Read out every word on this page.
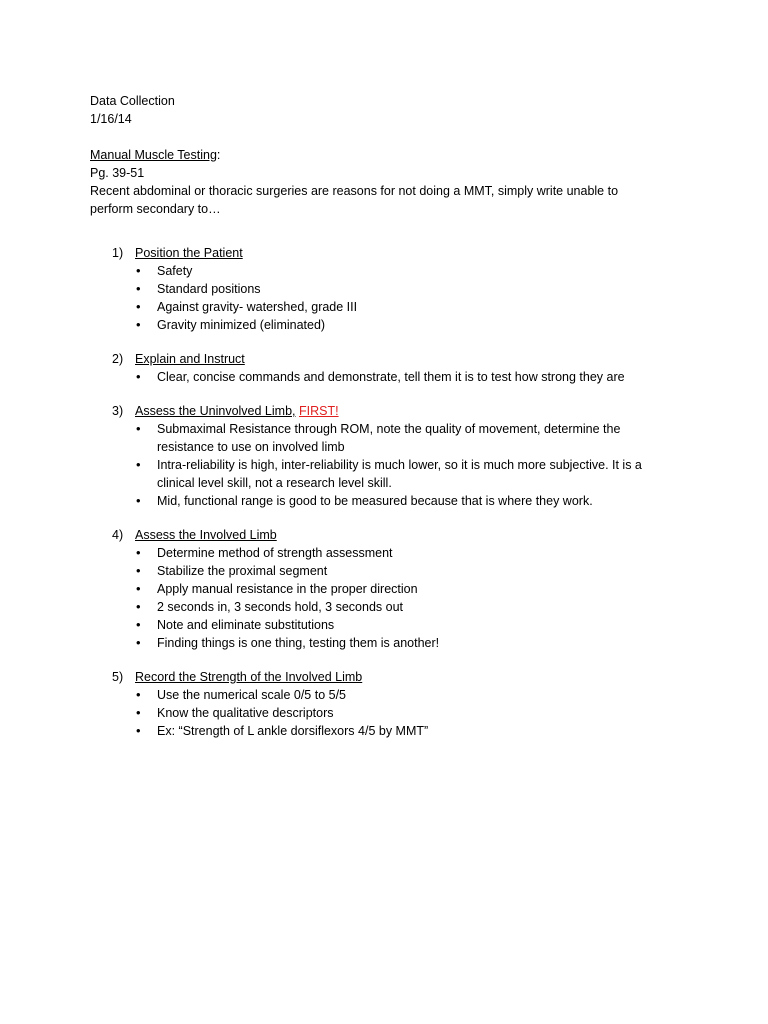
Data Collection
1/16/14
Manual Muscle Testing:
Pg. 39-51
Recent abdominal or thoracic surgeries are reasons for not doing a MMT, simply write unable to perform secondary to…
1) Position the Patient
• Safety
• Standard positions
• Against gravity- watershed, grade III
• Gravity minimized (eliminated)
2) Explain and Instruct
• Clear, concise commands and demonstrate, tell them it is to test how strong they are
3) Assess the Uninvolved Limb, FIRST!
• Submaximal Resistance through ROM, note the quality of movement, determine the resistance to use on involved limb
• Intra-reliability is high, inter-reliability is much lower, so it is much more subjective. It is a clinical level skill, not a research level skill.
• Mid, functional range is good to be measured because that is where they work.
4) Assess the Involved Limb
• Determine method of strength assessment
• Stabilize the proximal segment
• Apply manual resistance in the proper direction
• 2 seconds in, 3 seconds hold, 3 seconds out
• Note and eliminate substitutions
• Finding things is one thing, testing them is another!
5) Record the Strength of the Involved Limb
• Use the numerical scale 0/5 to 5/5
• Know the qualitative descriptors
• Ex: “Strength of L ankle dorsiflexors 4/5 by MMT”
